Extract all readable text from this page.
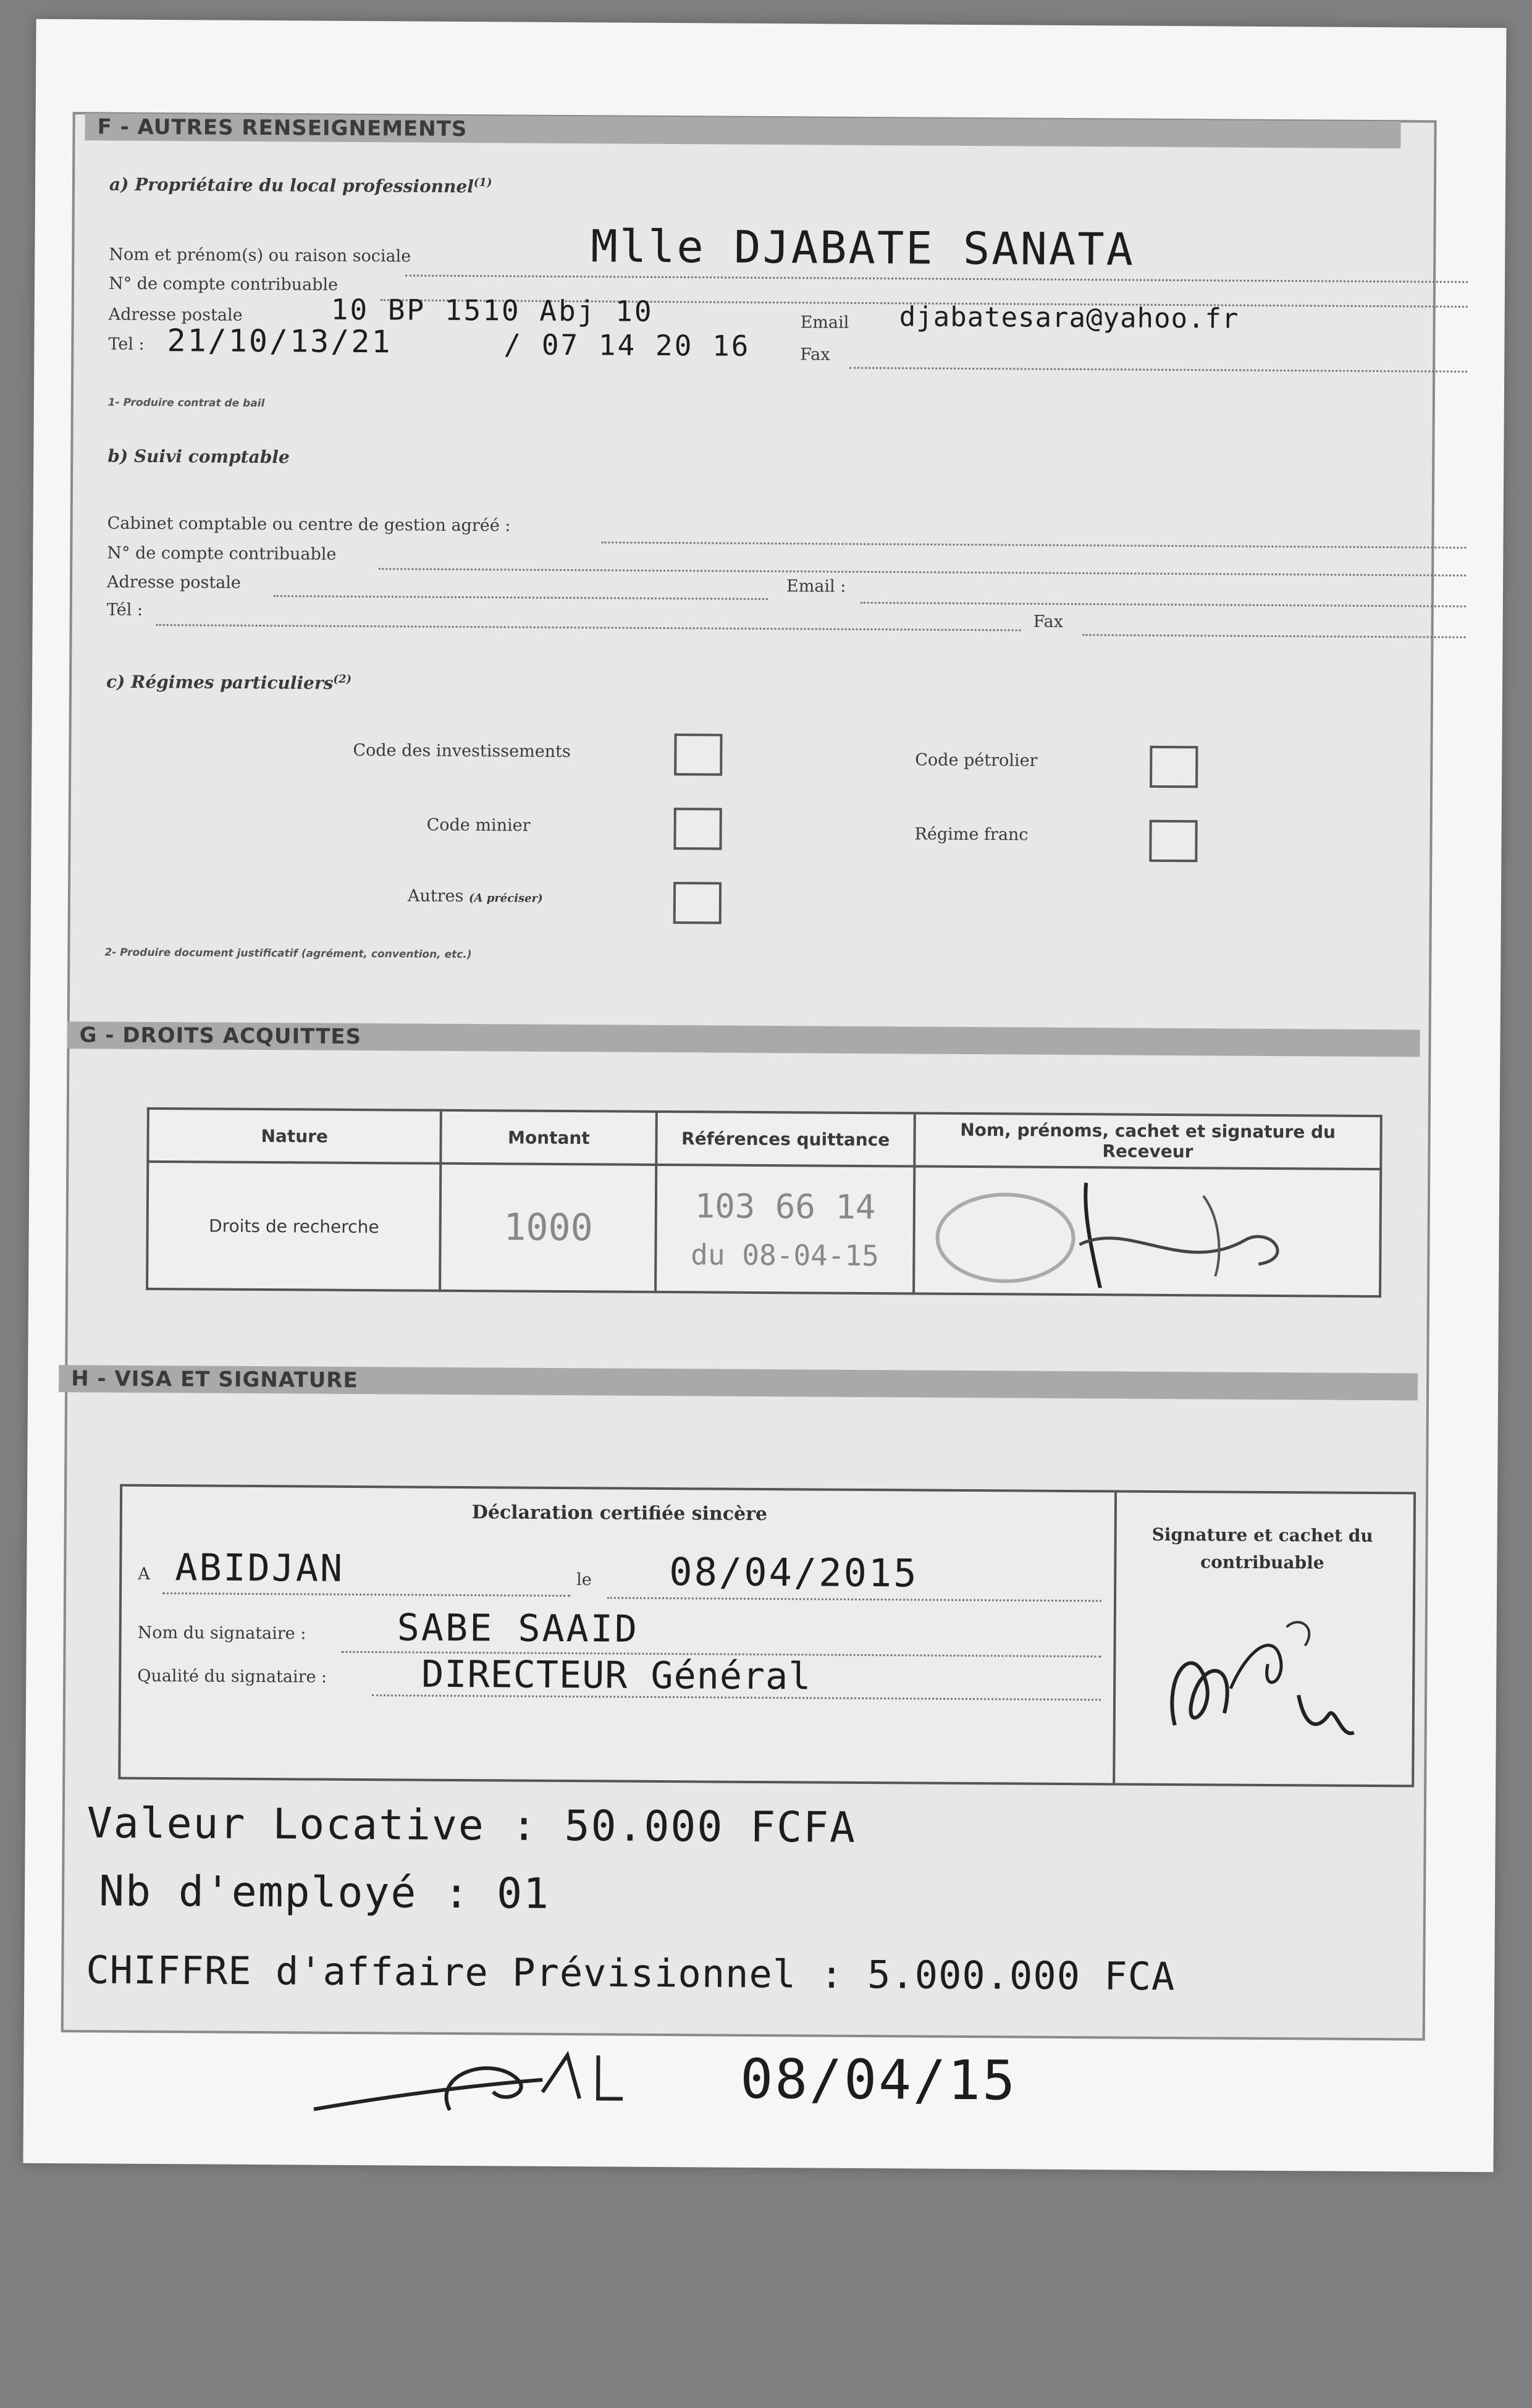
F - AUTRES RENSEIGNEMENTS
a) Propriétaire du local professionnel$^{(1)}$
Nom et prénom(s) ou raison sociale	Mlle DJABATE SANATA
N° de compte contribuable
Adresse postale	10 BP 1510 Abj 10	Email djabatesara@yahoo.fr
Tel : 21/10/13/21	/ 07 14 20 16	Fax
1- Produire contrat de bail
b) Suivi comptable
Cabinet comptable ou centre de gestion agréé :
N° de compte contribuable
Adresse postale	Email :
Tél :
Fax
c) Régimes particuliers$^{(2)}$
Code des investissements	Code pétrolier
Code minier	Régime franc
Autres (A préciser)
2- Produire document justificatif (agrément, convention, etc.)
G - DROITS ACQUITTES
Nature	Montant	Références quittance	Nom, prénoms, cachet et signature du Receveur
Droits de recherche	1000	103 66 14
du 08-04-15

H - VISA ET SIGNATURE
Déclaration certifiée sincère
A ABIDJAN	le 08/04/2015
Nom du signataire : SABE SAAID
Qualité du signataire :	DIRECTEUR Général
Signature et cachet du contribuable
Valeur Locative : 50.000 FCFA
Nb d'employé : 01
CHIFFRE d'affaire Prévisionnel : 5.000.000 FCA
08/04/15
